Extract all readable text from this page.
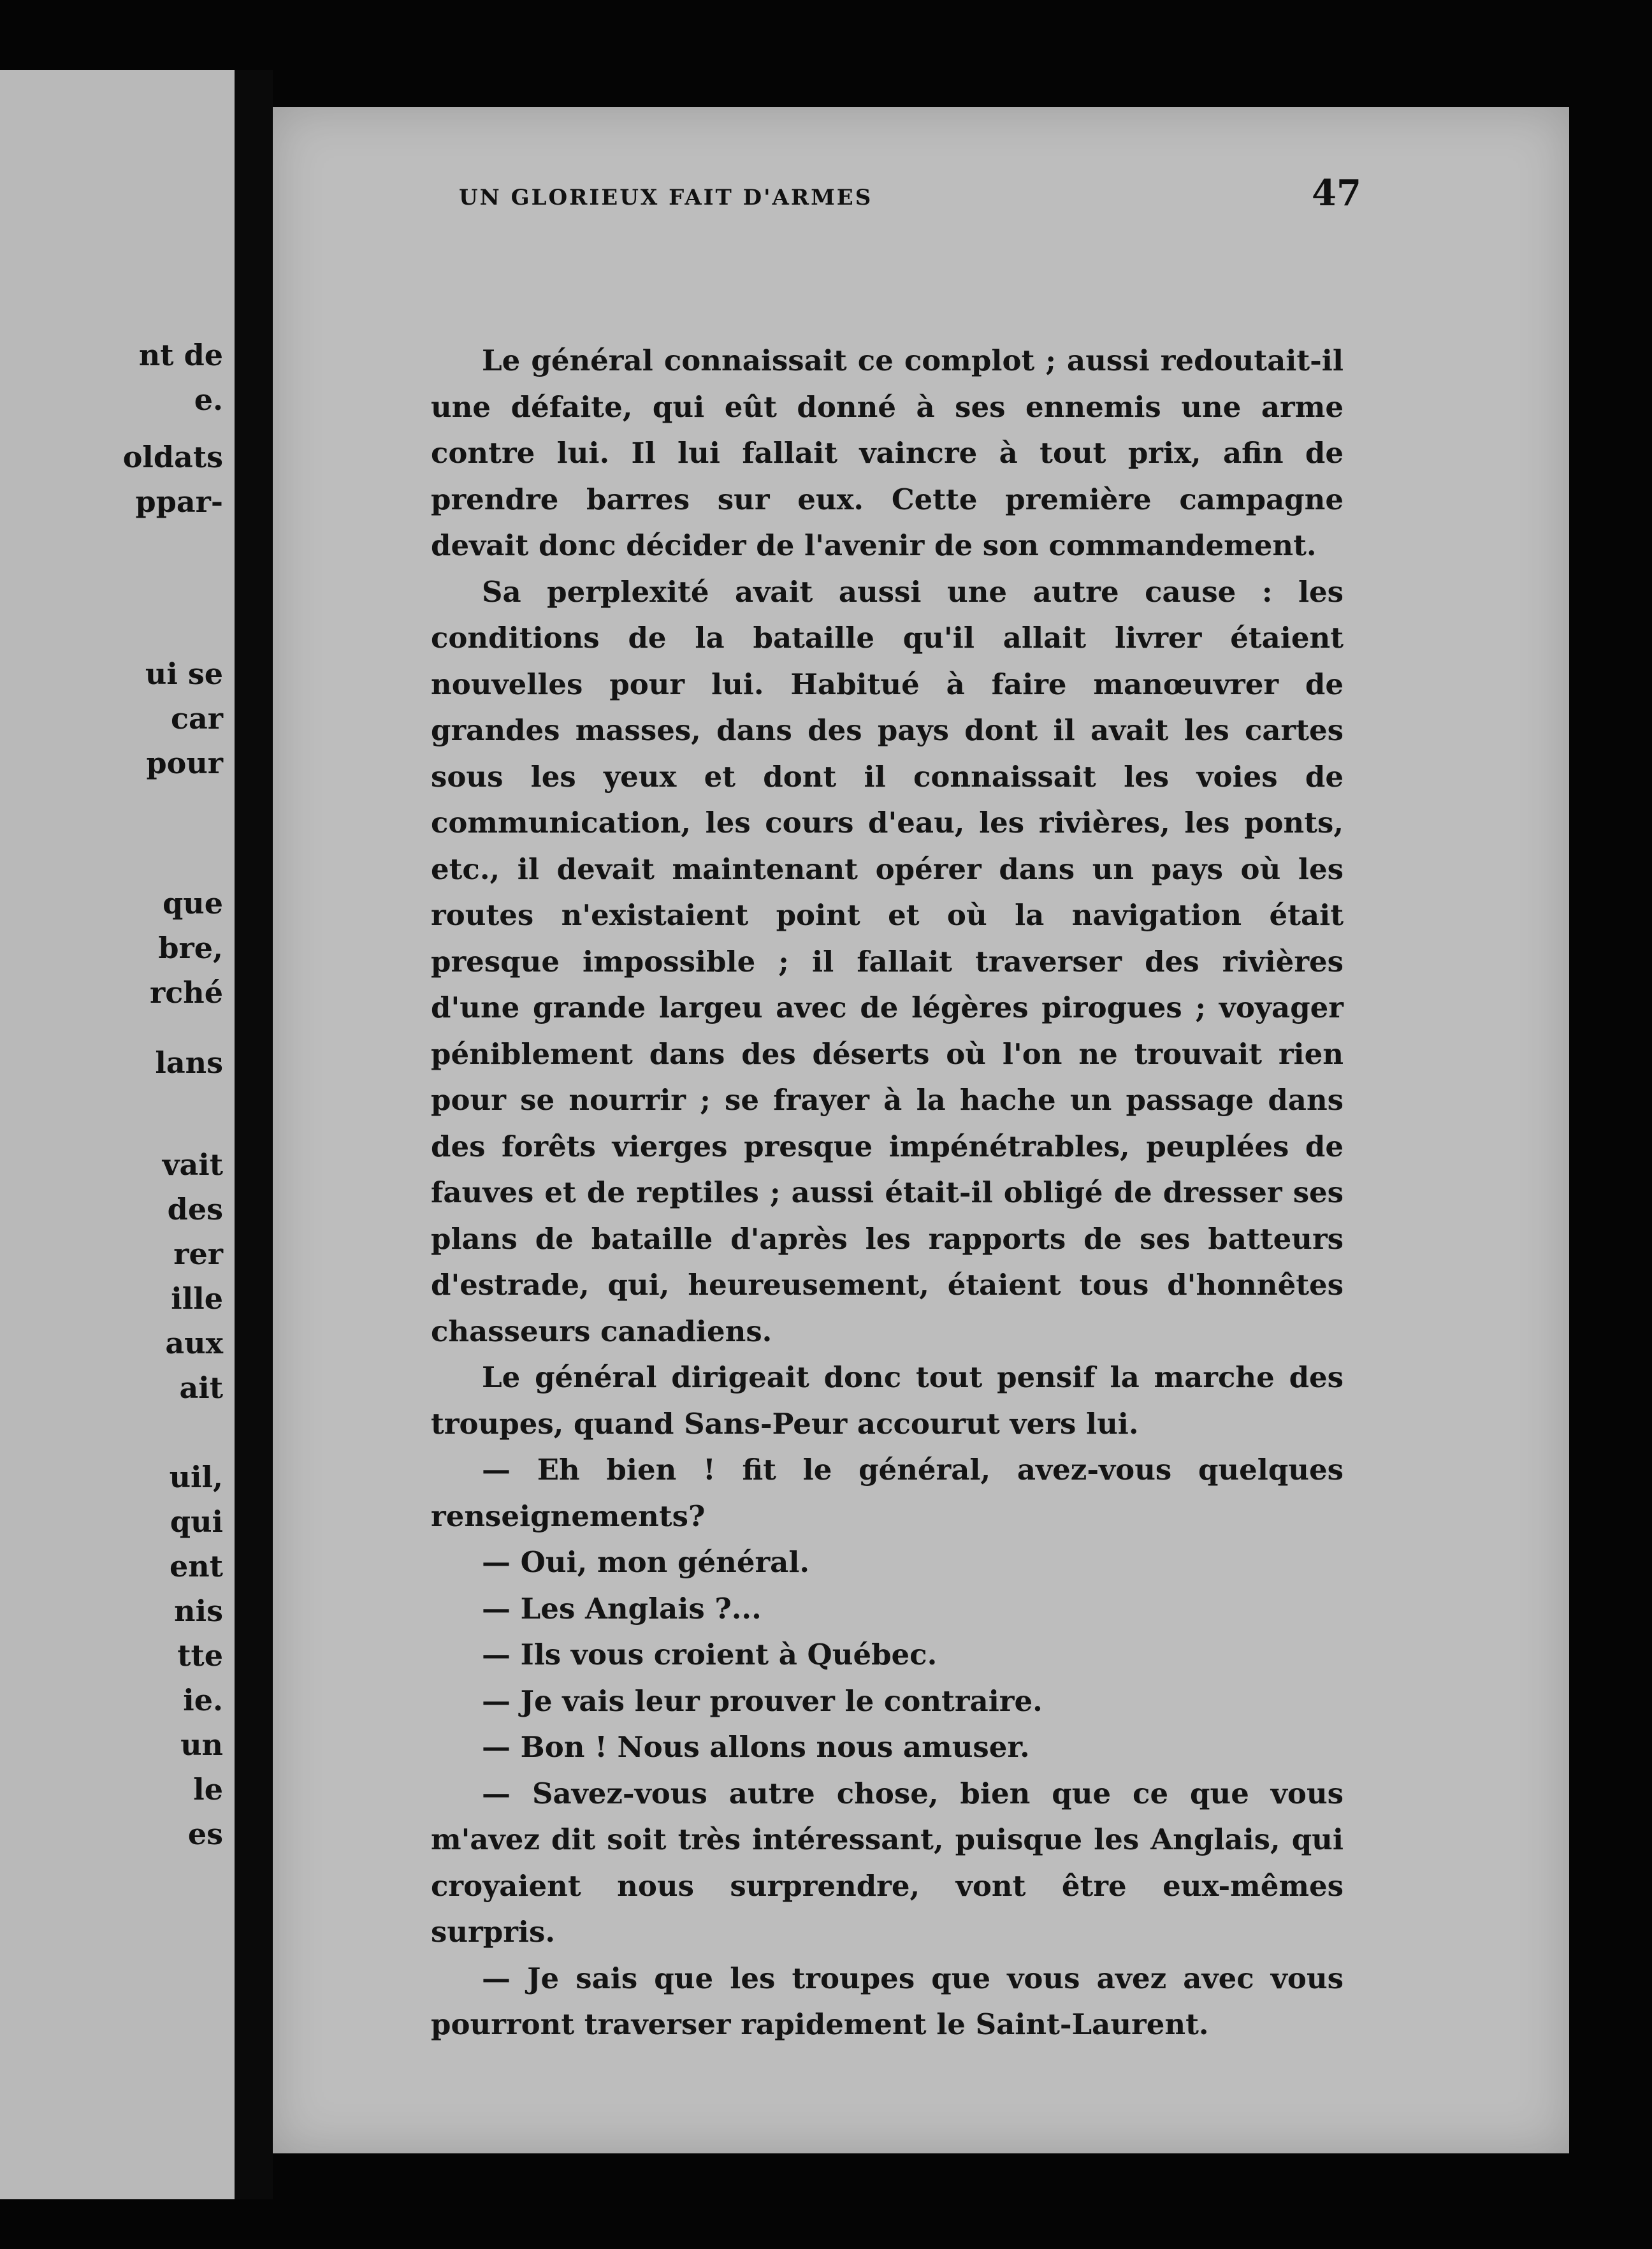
nt de
e.
oldats
ppar-
ui se
car
pour
que
bre,
rché
lans
vait
des
rer
ille
aux
ait
uil,
qui
ent
nis
tte
ie.
un
le
es
UN GLORIEUX FAIT D'ARMES	47

Le général connaissait ce complot ; aussi redoutait-il une défaite, qui eût donné à ses ennemis une arme contre lui. Il lui fallait vaincre à tout prix, afin de prendre barres sur eux. Cette première campagne devait donc décider de l'avenir de son commandement.

Sa perplexité avait aussi une autre cause : les conditions de la bataille qu'il allait livrer étaient nouvelles pour lui. Habitué à faire manœuvrer de grandes masses, dans des pays dont il avait les cartes sous les yeux et dont il connaissait les voies de communication, les cours d'eau, les rivières, les ponts, etc., il devait maintenant opérer dans un pays où les routes n'existaient point et où la navigation était presque impossible ; il fallait traverser des rivières d'une grande largeu avec de légères pirogues ; voyager péniblement dans des déserts où l'on ne trouvait rien pour se nourrir ; se frayer à la hache un passage dans des forêts vierges presque impénétrables, peuplées de fauves et de reptiles ; aussi était-il obligé de dresser ses plans de bataille d'après les rapports de ses batteurs d'estrade, qui, heureusement, étaient tous d'honnêtes chasseurs canadiens.

Le général dirigeait donc tout pensif la marche des troupes, quand Sans-Peur accourut vers lui.

— Eh bien ! fit le général, avez-vous quelques renseignements?

— Oui, mon général.

— Les Anglais ?...

— Ils vous croient à Québec.

— Je vais leur prouver le contraire.

— Bon ! Nous allons nous amuser.

— Savez-vous autre chose, bien que ce que vous m'avez dit soit très intéressant, puisque les Anglais, qui croyaient nous surprendre, vont être eux-mêmes surpris.

— Je sais que les troupes que vous avez avec vous pourront traverser rapidement le Saint-Laurent.
